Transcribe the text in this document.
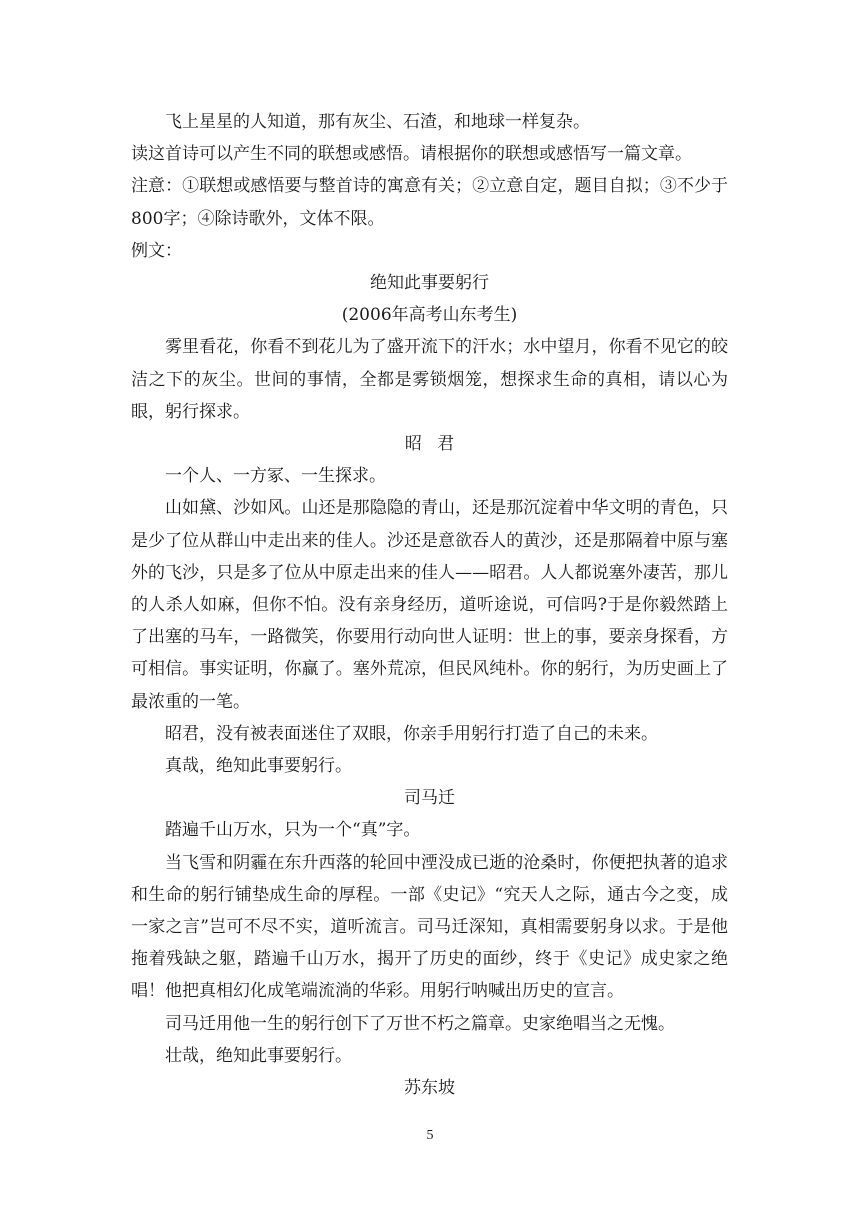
飞上星星的人知道，那有灰尘、石渣，和地球一样复杂。

读这首诗可以产生不同的联想或感悟。请根据你的联想或感悟写一篇文章。

注意：①联想或感悟要与整首诗的寓意有关；②立意自定，题目自拟；③不少于800字；④除诗歌外，文体不限。

例文：

绝知此事要躬行

(2006年高考山东考生)

雾里看花，你看不到花儿为了盛开流下的汗水；水中望月，你看不见它的皎洁之下的灰尘。世间的事情，全都是雾锁烟笼，想探求生命的真相，请以心为眼，躬行探求。

昭君

一个人、一方冢、一生探求。

山如黛、沙如风。山还是那隐隐的青山，还是那沉淀着中华文明的青色，只是少了位从群山中走出来的佳人。沙还是意欲吞人的黄沙，还是那隔着中原与塞外的飞沙，只是多了位从中原走出来的佳人——昭君。人人都说塞外凄苦，那儿的人杀人如麻，但你不怕。没有亲身经历，道听途说，可信吗?于是你毅然踏上了出塞的马车，一路微笑，你要用行动向世人证明：世上的事，要亲身探看，方可相信。事实证明，你赢了。塞外荒凉，但民风纯朴。你的躬行，为历史画上了最浓重的一笔。

昭君，没有被表面迷住了双眼，你亲手用躬行打造了自己的未来。

真哉，绝知此事要躬行。

司马迁

踏遍千山万水，只为一个“真”字。

当飞雪和阴霾在东升西落的轮回中湮没成已逝的沧桑时，你便把执著的追求和生命的躬行铺垫成生命的厚程。一部《史记》“究天人之际，通古今之变，成一家之言”岂可不尽不实，道听流言。司马迁深知，真相需要躬身以求。于是他拖着残缺之躯，踏遍千山万水，揭开了历史的面纱，终于《史记》成史家之绝唱！他把真相幻化成笔端流淌的华彩。用躬行呐喊出历史的宣言。

司马迁用他一生的躬行创下了万世不朽之篇章。史家绝唱当之无愧。

壮哉，绝知此事要躬行。

苏东坡

5
